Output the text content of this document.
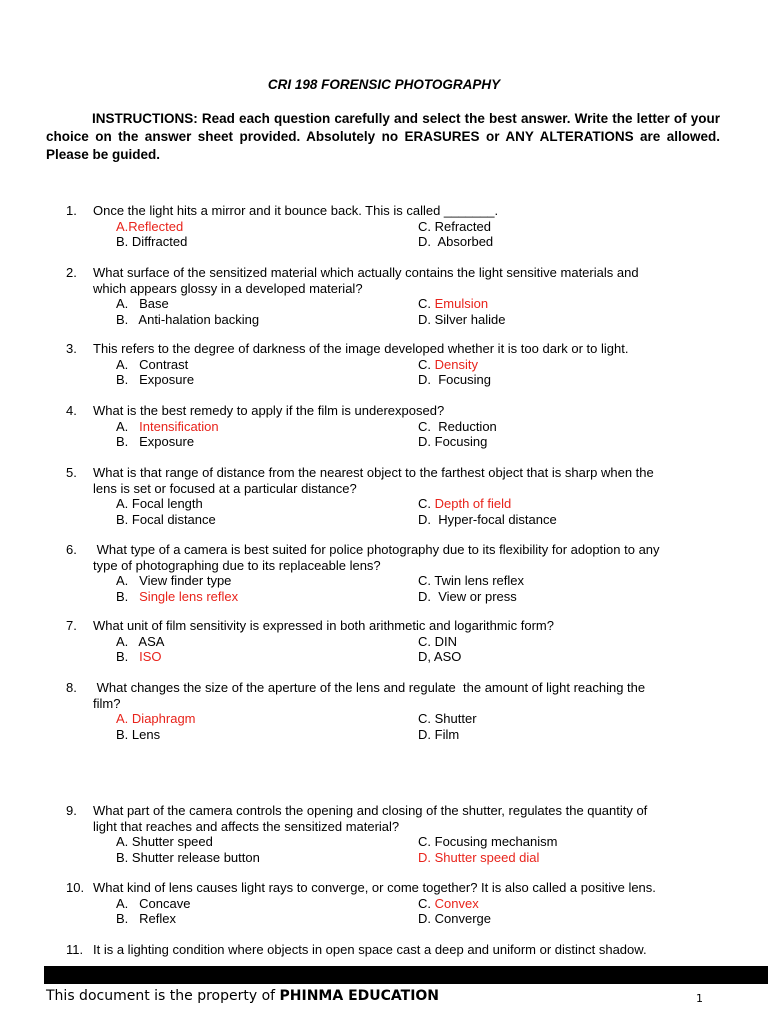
CRI 198 FORENSIC PHOTOGRAPHY
INSTRUCTIONS: Read each question carefully and select the best answer. Write the letter of your choice on the answer sheet provided. Absolutely no ERASURES or ANY ALTERATIONS are allowed. Please be guided.
1.	Once the light hits a mirror and it bounce back. This is called _______.
A.Reflected	C. Refracted
B. Diffracted	D. Absorbed
2.	What surface of the sensitized material which actually contains the light sensitive materials and
which appears glossy in a developed material?
A. Base	C. Emulsion
B. Anti-halation backing	D. Silver halide
3.	This refers to the degree of darkness of the image developed whether it is too dark or to light.
A. Contrast	C. Density
B. Exposure	D. Focusing
4.	What is the best remedy to apply if the film is underexposed?
A. Intensification	C. Reduction
B. Exposure	D. Focusing
5.	What is that range of distance from the nearest object to the farthest object that is sharp when the
lens is set or focused at a particular distance?
A. Focal length	C. Depth of field
B. Focal distance	D. Hyper-focal distance
6.	What type of a camera is best suited for police photography due to its flexibility for adoption to any
type of photographing due to its replaceable lens?
A. View finder type	C. Twin lens reflex
B. Single lens reflex	D. View or press
7.	What unit of film sensitivity is expressed in both arithmetic and logarithmic form?
A. ASA	C. DIN
B. ISO	D, ASO
8.	What changes the size of the aperture of the lens and regulate  the amount of light reaching the
film?
A. Diaphragm	C. Shutter
B. Lens	D. Film
9.	What part of the camera controls the opening and closing of the shutter, regulates the quantity of
light that reaches and affects the sensitized material?
A. Shutter speed	C. Focusing mechanism
B. Shutter release button	D. Shutter speed dial
10. What kind of lens causes light rays to converge, or come together? It is also called a positive lens.
A. Concave	C. Convex
B. Reflex	D. Converge
11. It is a lighting condition where objects in open space cast a deep and uniform or distinct shadow.
This document is the property of PHINMA EDUCATION	1
